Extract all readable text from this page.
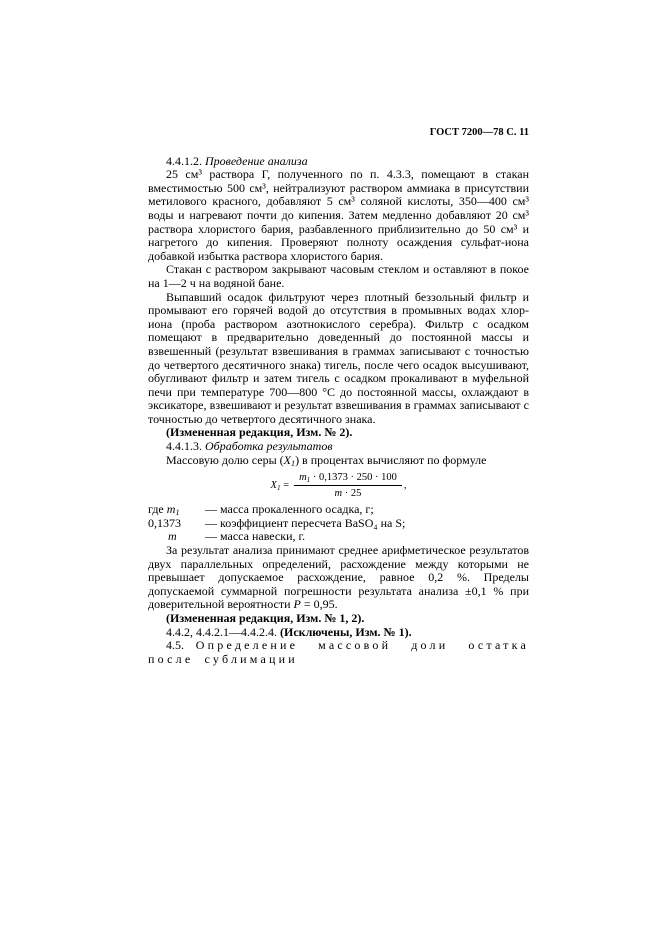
ГОСТ 7200—78 С. 11

4.4.1.2. Проведение анализа

25 см³ раствора Г, полученного по п. 4.3.3, помещают в стакан вместимостью 500 см³, нейтрализуют раствором аммиака в присутствии метилового красного, добавляют 5 см³ соляной кислоты, 350—400 см³ воды и нагревают почти до кипения. Затем медленно добавляют 20 см³ раствора хлористого бария, разбавленного приблизительно до 50 см³ и нагретого до кипения. Проверяют полноту осаждения сульфат-иона добавкой избытка раствора хлористого бария.

Стакан с раствором закрывают часовым стеклом и оставляют в покое на 1—2 ч на водяной бане.

Выпавший осадок фильтруют через плотный беззольный фильтр и промывают его горячей водой до отсутствия в промывных водах хлор-иона (проба раствором азотнокислого серебра). Фильтр с осадком помещают в предварительно доведенный до постоянной массы и взвешенный (результат взвешивания в граммах записывают с точностью до четвертого десятичного знака) тигель, после чего осадок высушивают, обугливают фильтр и затем тигель с осадком прокаливают в муфельной печи при температуре 700—800 °С до постоянной массы, охлаждают в эксикаторе, взвешивают и результат взвешивания в граммах записывают с точностью до четвертого десятичного знака.

(Измененная редакция, Изм. № 2).

4.4.1.3. Обработка результатов

Массовую долю серы $(X_1)$ в процентах вычисляют по формуле

$X_1 = \frac{m_1 \cdot 0,1373 \cdot 250 \cdot 100}{m \cdot 25}$ ,
где $m_1$	— масса прокаленного осадка, г;
0,1373	— коэффициент пересчета BaSO₄ на S;
m	— масса навески, г.

За результат анализа принимают среднее арифметическое результатов двух параллельных определений, расхождение между которыми не превышает допускаемое расхождение, равное 0,2 %. Пределы допускаемой суммарной погрешности результата анализа ±0,1 % при доверительной вероятности P = 0,95.

(Измененная редакция, Изм. № 1, 2).

4.4.2, 4.4.2.1—4.4.2.4. (Исключены, Изм. № 1).

4.5. Определение массовой доли остатка после сублимации
